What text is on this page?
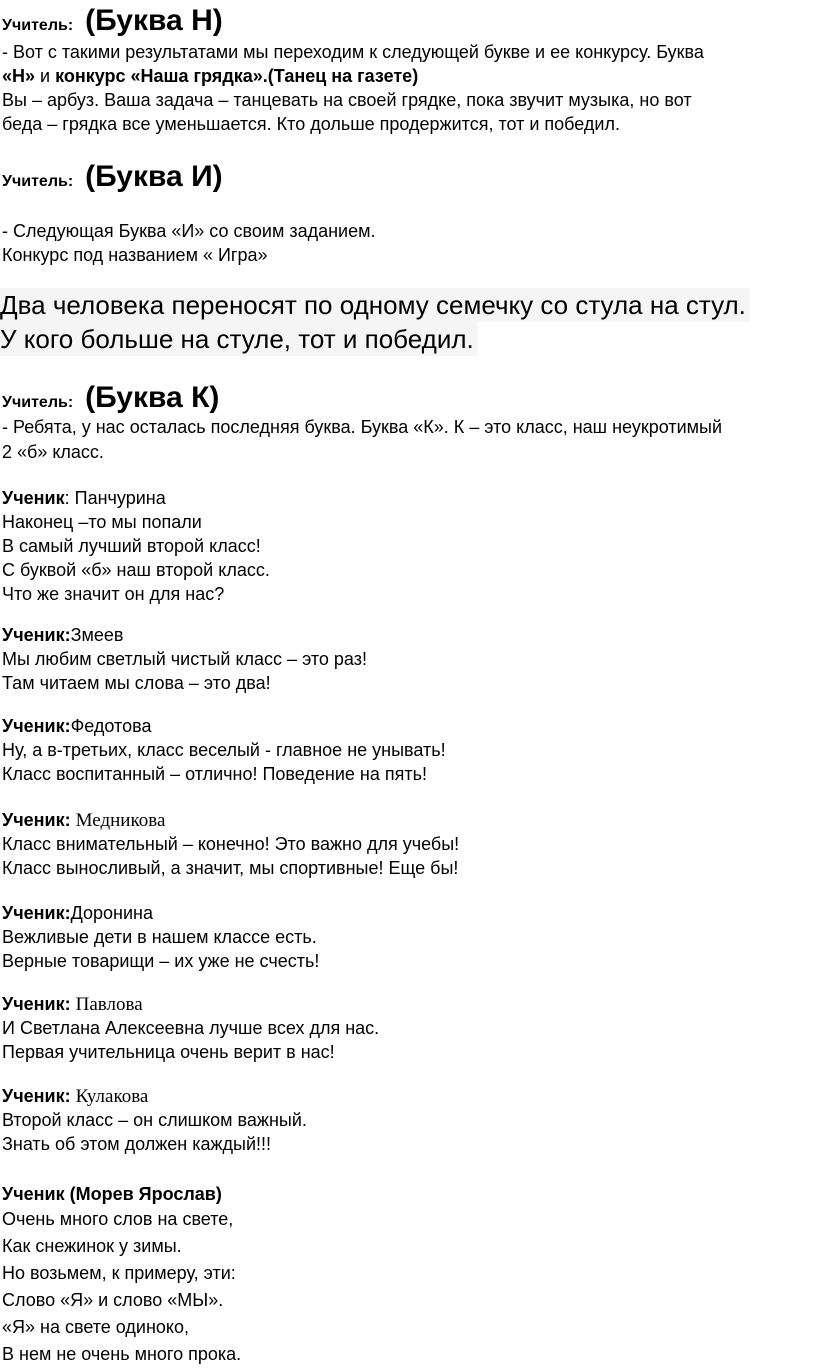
Учитель: (Буква Н)
- Вот с такими результатами мы переходим к следующей букве и ее конкурсу. Буква
«Н» и конкурс «Наша грядка».(Танец на газете)
Вы – арбуз. Ваша задача – танцевать на своей грядке, пока звучит музыка, но вот
беда – грядка все уменьшается. Кто дольше продержится, тот и победил.
Учитель: (Буква И)
- Следующая Буква «И» со своим заданием.
Конкурс под названием « Игра»
Два человека переносят по одному семечку со стула на стул.
У кого больше на стуле, тот и победил.
Учитель: (Буква К)
- Ребята, у нас осталась последняя буква. Буква «К». К – это класс, наш неукротимый
2 «б» класс.
Ученик: Панчурина
Наконец –то мы попали
В самый лучший второй класс!
С буквой «б» наш второй класс.
Что же значит он для нас?
Ученик:Змеев
Мы любим светлый чистый класс – это раз!
Там читаем мы слова – это два!
Ученик:Федотова
Ну, а в-третьих, класс веселый - главное не унывать!
Класс воспитанный – отлично! Поведение на пять!
Ученик: Медникова
Класс внимательный – конечно! Это важно для учебы!
Класс выносливый, а значит, мы спортивные! Еще бы!
Ученик:Доронина
Вежливые дети в нашем классе есть.
Верные товарищи – их уже не счесть!
Ученик: Павлова
И Светлана Алексеевна лучше всех для нас.
Первая учительница очень верит в нас!
Ученик: Кулакова
Второй класс – он слишком важный.
Знать об этом должен каждый!!!
Ученик (Морев Ярослав)
Очень много слов на свете,
Как снежинок у зимы.
Но возьмем, к примеру, эти:
Слово «Я» и слово «МЫ».
«Я» на свете одиноко,
В нем не очень много прока.
